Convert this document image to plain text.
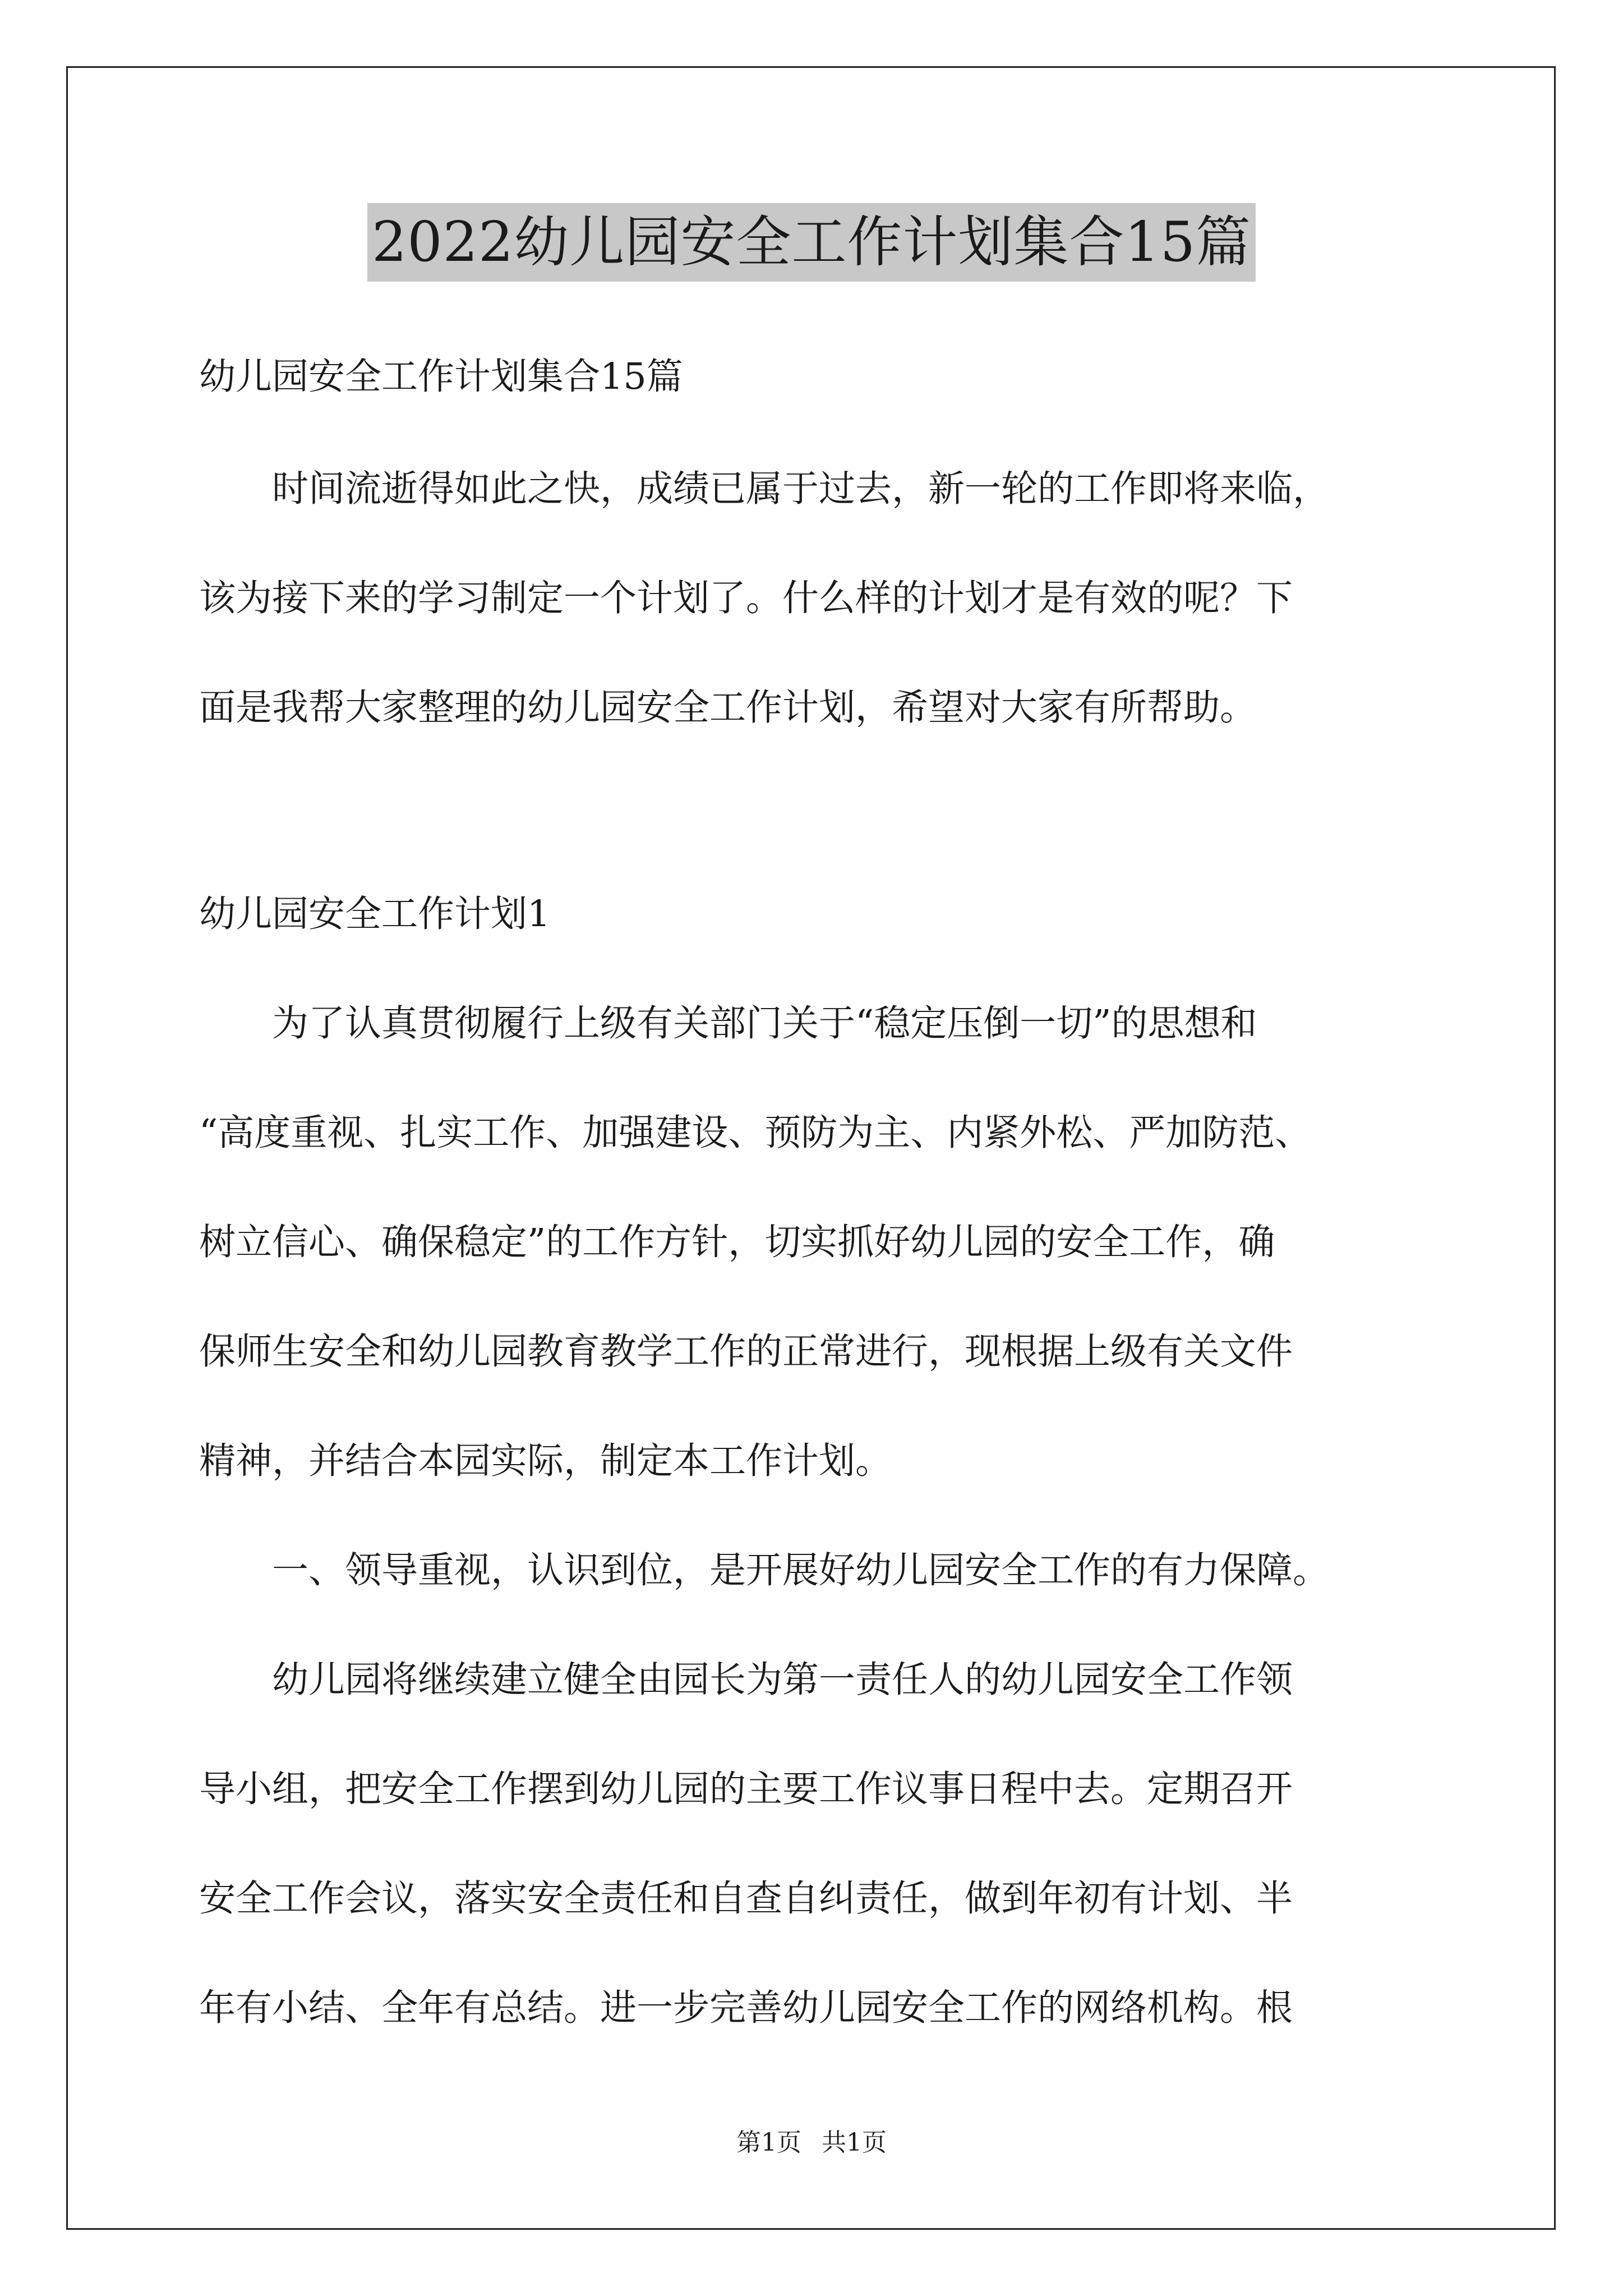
2022幼儿园安全工作计划集合15篇
幼儿园安全工作计划集合15篇
　　时间流逝得如此之快，成绩已属于过去，新一轮的工作即将来临，
该为接下来的学习制定一个计划了。什么样的计划才是有效的呢？下
面是我帮大家整理的幼儿园安全工作计划，希望对大家有所帮助。
幼儿园安全工作计划1
　　为了认真贯彻履行上级有关部门关于“稳定压倒一切”的思想和
“高度重视、扎实工作、加强建设、预防为主、内紧外松、严加防范、
树立信心、确保稳定”的工作方针，切实抓好幼儿园的安全工作，确
保师生安全和幼儿园教育教学工作的正常进行，现根据上级有关文件
精神，并结合本园实际，制定本工作计划。
　　一、领导重视，认识到位，是开展好幼儿园安全工作的有力保障。
　　幼儿园将继续建立健全由园长为第一责任人的幼儿园安全工作领
导小组，把安全工作摆到幼儿园的主要工作议事日程中去。定期召开
安全工作会议，落实安全责任和自查自纠责任，做到年初有计划、半
年有小结、全年有总结。进一步完善幼儿园安全工作的网络机构。根
第1页 共1页
